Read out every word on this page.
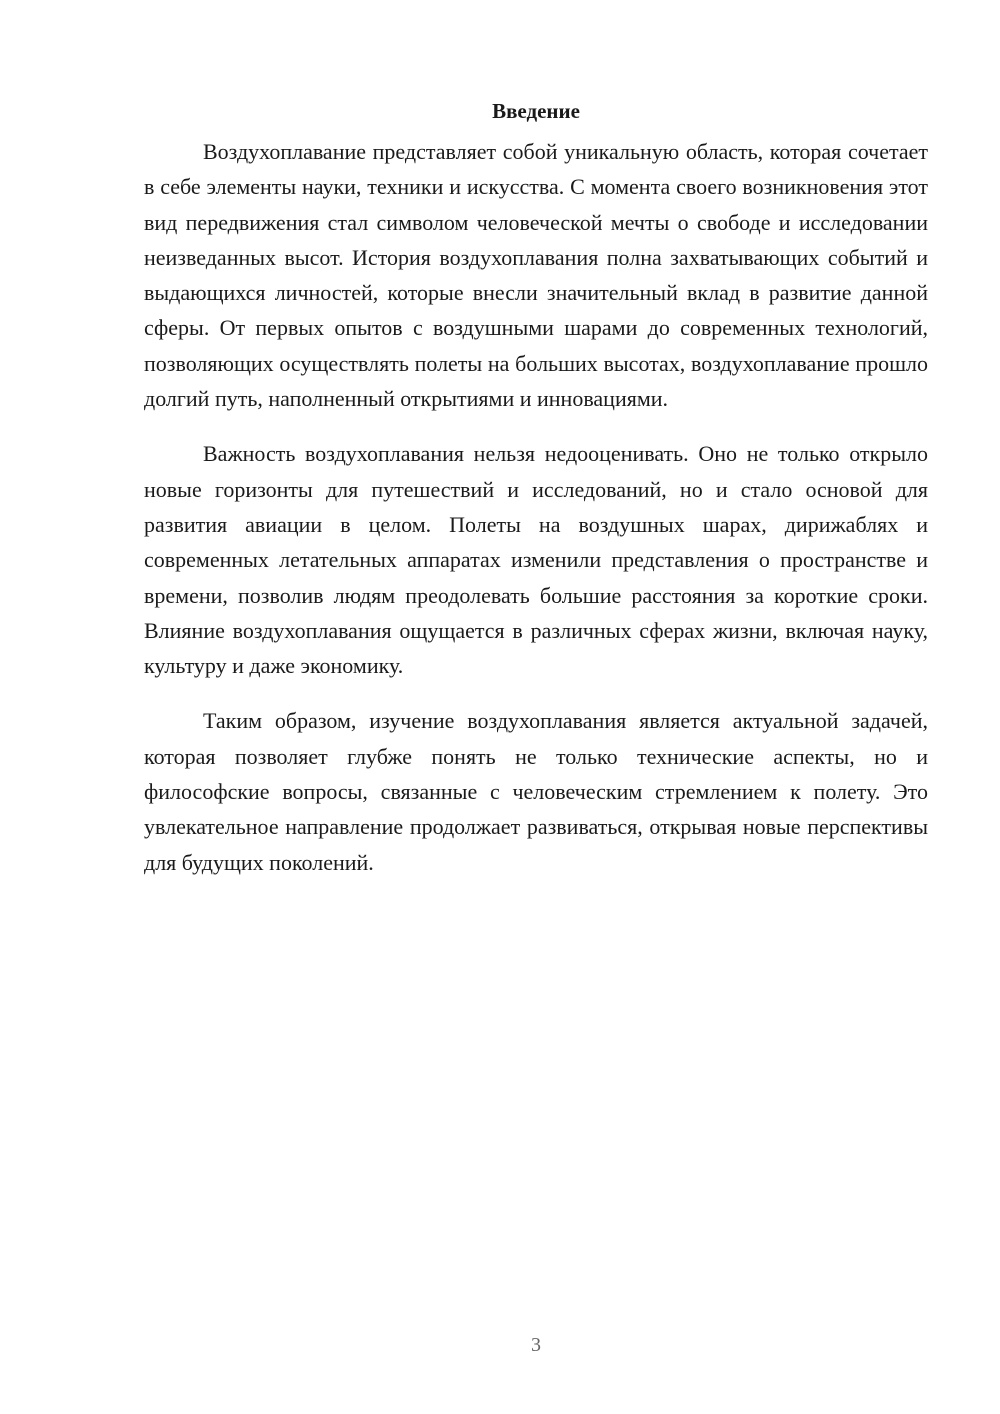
Введение

Воздухоплавание представляет собой уникальную область, которая сочетает в себе элементы науки, техники и искусства. С момента своего возникновения этот вид передвижения стал символом человеческой мечты о свободе и исследовании неизведанных высот. История воздухоплавания полна захватывающих событий и выдающихся личностей, которые внесли значительный вклад в развитие данной сферы. От первых опытов с воздушными шарами до современных технологий, позволяющих осуществлять полеты на больших высотах, воздухоплавание прошло долгий путь, наполненный открытиями и инновациями.

Важность воздухоплавания нельзя недооценивать. Оно не только открыло новые горизонты для путешествий и исследований, но и стало основой для развития авиации в целом. Полеты на воздушных шарах, дирижаблях и современных летательных аппаратах изменили представления о пространстве и времени, позволив людям преодолевать большие расстояния за короткие сроки. Влияние воздухоплавания ощущается в различных сферах жизни, включая науку, культуру и даже экономику.

Таким образом, изучение воздухоплавания является актуальной задачей, которая позволяет глубже понять не только технические аспекты, но и философские вопросы, связанные с человеческим стремлением к полету. Это увлекательное направление продолжает развиваться, открывая новые перспективы для будущих поколений.

3
